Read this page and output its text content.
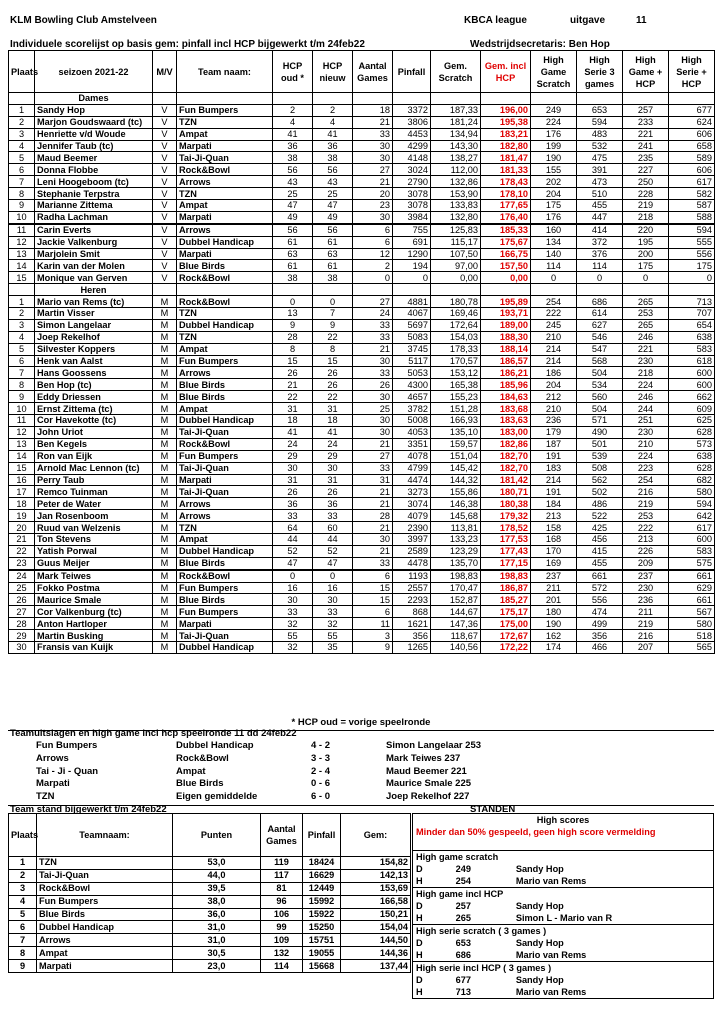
KLM Bowling Club Amstelveen	KBCA league	uitgave	11
Individuele scorelijst op basis gem: pinfall incl HCP bijgewerkt t/m 24feb22	Wedstrijdsecretaris: Ben Hop
Plaats	seizoen 2021-22	M/V	Team naam:	HCP oud *	HCP nieuw	Aantal Games	Pinfall	Gem. Scratch	Gem. incl HCP	High Game Scratch	High Serie 3 games	High Game + HCP	High Serie + HCP
	Dames												
1	Sandy Hop	V	Fun Bumpers	2	2	18	3372	187,33	196,00	249	653	257	677
2	Marjon Goudswaard (tc)	V	TZN	4	4	21	3806	181,24	195,38	224	594	233	624
3	Henriette v/d Woude	V	Ampat	41	41	33	4453	134,94	183,21	176	483	221	606
4	Jennifer Taub (tc)	V	Marpati	36	36	30	4299	143,30	182,80	199	532	241	658
5	Maud Beemer	V	Tai-Ji-Quan	38	38	30	4148	138,27	181,47	190	475	235	589
6	Donna Flobbe	V	Rock&Bowl	56	56	27	3024	112,00	181,33	155	391	227	606
7	Leni Hoogeboom (tc)	V	Arrows	43	43	21	2790	132,86	178,43	202	473	250	617
8	Stephanie Terpstra	V	TZN	25	25	20	3078	153,90	178,10	204	510	228	582
9	Marianne Zittema	V	Ampat	47	47	23	3078	133,83	177,65	175	455	219	587
10	Radha Lachman	V	Marpati	49	49	30	3984	132,80	176,40	176	447	218	588
11	Carin Everts	V	Arrows	56	56	6	755	125,83	185,33	160	414	220	594
12	Jackie Valkenburg	V	Dubbel Handicap	61	61	6	691	115,17	175,67	134	372	195	555
13	Marjolein Smit	V	Marpati	63	63	12	1290	107,50	166,75	140	376	200	556
14	Karin van der Molen	V	Blue Birds	61	61	2	194	97,00	157,50	114	114	175	175
15	Monique van Gerven	V	Rock&Bowl	38	38	0	0	0,00	0,00	0	0	0	0
	Heren												
1	Mario van Rems (tc)	M	Rock&Bowl	0	0	27	4881	180,78	195,89	254	686	265	713
2	Martin Visser	M	TZN	13	7	24	4067	169,46	193,71	222	614	253	707
3	Simon Langelaar	M	Dubbel Handicap	9	9	33	5697	172,64	189,00	245	627	265	654
4	Joep Rekelhof	M	TZN	28	22	33	5083	154,03	188,30	210	546	246	638
5	Silvester Koppers	M	Ampat	8	8	21	3745	178,33	188,14	214	547	221	583
6	Henk van Aalst	M	Fun Bumpers	15	15	30	5117	170,57	186,57	214	568	230	618
7	Hans Goossens	M	Arrows	26	26	33	5053	153,12	186,21	186	504	218	600
8	Ben Hop (tc)	M	Blue Birds	21	26	26	4300	165,38	185,96	204	534	224	600
9	Eddy Driessen	M	Blue Birds	22	22	30	4657	155,23	184,63	212	560	246	662
10	Ernst Zittema (tc)	M	Ampat	31	31	25	3782	151,28	183,68	210	504	244	609
11	Cor Havekotte (tc)	M	Dubbel Handicap	18	18	30	5008	166,93	183,63	236	571	251	625
12	John Uriot	M	Tai-Ji-Quan	41	41	30	4053	135,10	183,00	179	490	230	628
13	Ben Kegels	M	Rock&Bowl	24	24	21	3351	159,57	182,86	187	501	210	573
14	Ron van Eijk	M	Fun Bumpers	29	29	27	4078	151,04	182,70	191	539	224	638
15	Arnold Mac Lennon (tc)	M	Tai-Ji-Quan	30	30	33	4799	145,42	182,70	183	508	223	628
16	Perry Taub	M	Marpati	31	31	31	4474	144,32	181,42	214	562	254	682
17	Remco Tuinman	M	Tai-Ji-Quan	26	26	21	3273	155,86	180,71	191	502	216	580
18	Peter de Water	M	Arrows	36	36	21	3074	146,38	180,38	184	486	219	594
19	Jan Rosenboom	M	Arrows	33	33	28	4079	145,68	179,32	213	522	253	642
20	Ruud van Welzenis	M	TZN	64	60	21	2390	113,81	178,52	158	425	222	617
21	Ton Stevens	M	Ampat	44	44	30	3997	133,23	177,53	168	456	213	600
22	Yatish Porwal	M	Dubbel Handicap	52	52	21	2589	123,29	177,43	170	415	226	583
23	Guus Meijer	M	Blue Birds	47	47	33	4478	135,70	177,15	169	455	209	575
24	Mark Teiwes	M	Rock&Bowl	0	0	6	1193	198,83	198,83	237	661	237	661
25	Fokko Postma	M	Fun Bumpers	16	16	15	2557	170,47	186,87	211	572	230	629
26	Maurice Smale	M	Blue Birds	30	30	15	2293	152,87	185,27	201	556	236	661
27	Cor Valkenburg (tc)	M	Fun Bumpers	33	33	6	868	144,67	175,17	180	474	211	567
28	Anton Hartloper	M	Marpati	32	32	11	1621	147,36	175,00	190	499	219	580
29	Martin Busking	M	Tai-Ji-Quan	55	55	3	356	118,67	172,67	162	356	216	518
30	Fransis van Kuijk	M	Dubbel Handicap	32	35	9	1265	140,56	172,22	174	466	207	565
* HCP oud = vorige speelronde
Teamuitslagen en high game incl hcp speelronde 11 dd 24feb22
Fun Bumpers	Dubbel Handicap	4 - 2	Simon Langelaar 253
Arrows	Rock&Bowl	3 - 3	Mark Teiwes 237
Tai - Ji - Quan	Ampat	2 - 4	Maud Beemer 221
Marpati	Blue Birds	0 - 6	Maurice Smale 225
TZN	Eigen gemiddelde	6 - 0	Joep Rekelhof 227
Team stand bijgewerkt t/m 24feb22	STANDEN
Plaats	Teamnaam:	Punten	Aantal Games	Pinfall	Gem:
1	TZN	53,0	119	18424	154,82
2	Tai-Ji-Quan	44,0	117	16629	142,13
3	Rock&Bowl	39,5	81	12449	153,69
4	Fun Bumpers	38,0	96	15992	166,58
5	Blue Birds	36,0	106	15922	150,21
6	Dubbel Handicap	31,0	99	15250	154,04
7	Arrows	31,0	109	15751	144,50
8	Ampat	30,5	132	19055	144,36
9	Marpati	23,0	114	15668	137,44
High scores		
Minder dan 50% gespeeld, geen high score vermelding		

High game scratch		
D	249	Sandy Hop
H	254	Mario van Rems
High game incl HCP		
D	257	Sandy Hop
H	265	Simon L - Mario van R
High serie scratch ( 3 games )		
D	653	Sandy Hop
H	686	Mario van Rems
High serie incl HCP ( 3 games )		
D	677	Sandy Hop
H	713	Mario van Rems
